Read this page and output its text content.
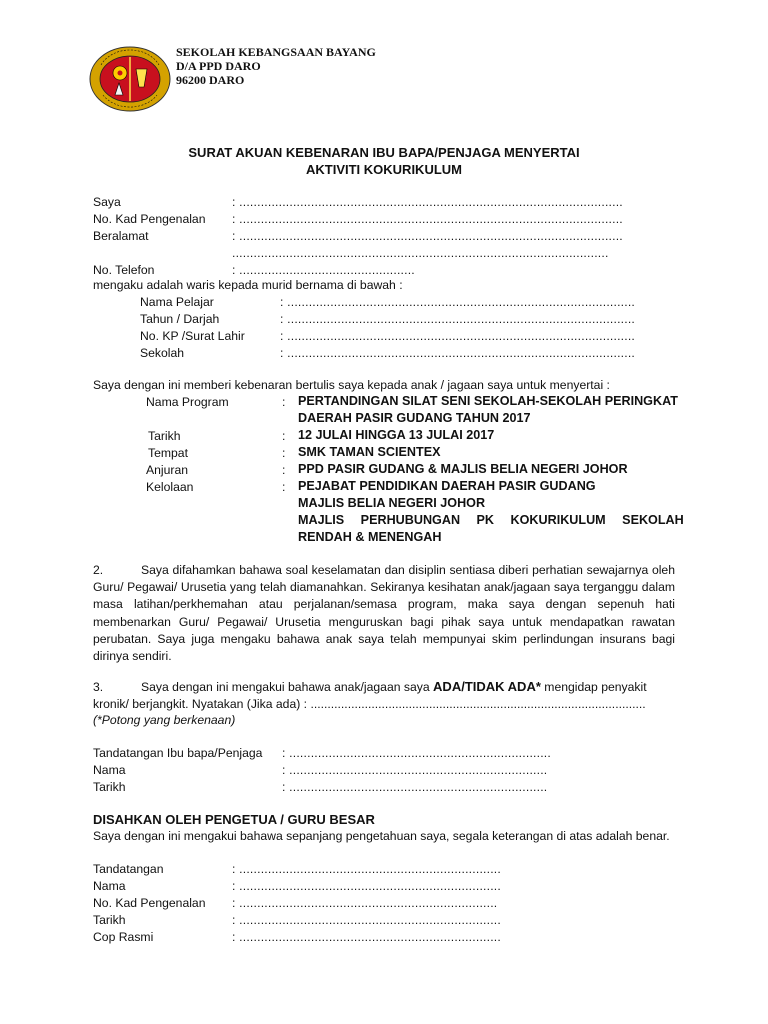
SEKOLAH KEBANGSAAN BAYANG
D/A PPD DARO
96200 DARO
SURAT AKUAN KEBENARAN IBU BAPA/PENJAGA MENYERTAI
AKTIVITI KOKURIKULUM
Saya	: ...........................................................................................................
No. Kad Pengenalan : ...........................................................................................................
Beralamat	: ...........................................................................................................
.........................................................................................................
No. Telefon	: .................................................
mengaku adalah waris kepada murid bernama di bawah :
Nama Pelajar	: .................................................................................................
Tahun / Darjah	: .................................................................................................
No. KP /Surat Lahir	: .................................................................................................
Sekolah	: .................................................................................................
Saya dengan ini memberi kebenaran bertulis saya kepada anak / jagaan saya untuk menyertai :
Nama Program	: PERTANDINGAN SILAT SENI SEKOLAH-SEKOLAH PERINGKAT
DAERAH PASIR GUDANG TAHUN 2017
Tarikh	: 12 JULAI HINGGA 13 JULAI 2017
Tempat	: SMK TAMAN SCIENTEX
Anjuran	: PPD PASIR GUDANG & MAJLIS BELIA NEGERI JOHOR
Kelolaan	: PEJABAT PENDIDIKAN DAERAH PASIR GUDANG
MAJLIS BELIA NEGERI JOHOR
MAJLIS PERHUBUNGAN PK KOKURIKULUM SEKOLAH
RENDAH & MENENGAH
2.	Saya difahamkan bahawa soal keselamatan dan disiplin sentiasa diberi perhatian sewajarnya oleh Guru/ Pegawai/ Urusetia yang telah diamanahkan. Sekiranya kesihatan anak/jagaan saya terganggu dalam masa latihan/perkhemahan atau perjalanan/semasa program, maka saya dengan sepenuh hati membenarkan Guru/ Pegawai/ Urusetia menguruskan bagi pihak saya untuk mendapatkan rawatan perubatan. Saya juga mengaku bahawa anak saya telah mempunyai skim perlindungan insurans bagi dirinya sendiri.
3.	Saya dengan ini mengakui bahawa anak/jagaan saya ADA/TIDAK ADA* mengidap penyakit
kronik/ berjangkit. Nyatakan (Jika ada) : ...................................................................................................
(*Potong yang berkenaan)
Tandatangan Ibu bapa/Penjaga : .........................................................................
Nama	: ........................................................................
Tarikh	: ........................................................................
DISAHKAN OLEH PENGETUA / GURU BESAR
Saya dengan ini mengakui bahawa sepanjang pengetahuan saya, segala keterangan di atas adalah benar.
Tandatangan	: .........................................................................
Nama	: .........................................................................
No. Kad Pengenalan : ........................................................................
Tarikh	: .........................................................................
Cop Rasmi	: .........................................................................
